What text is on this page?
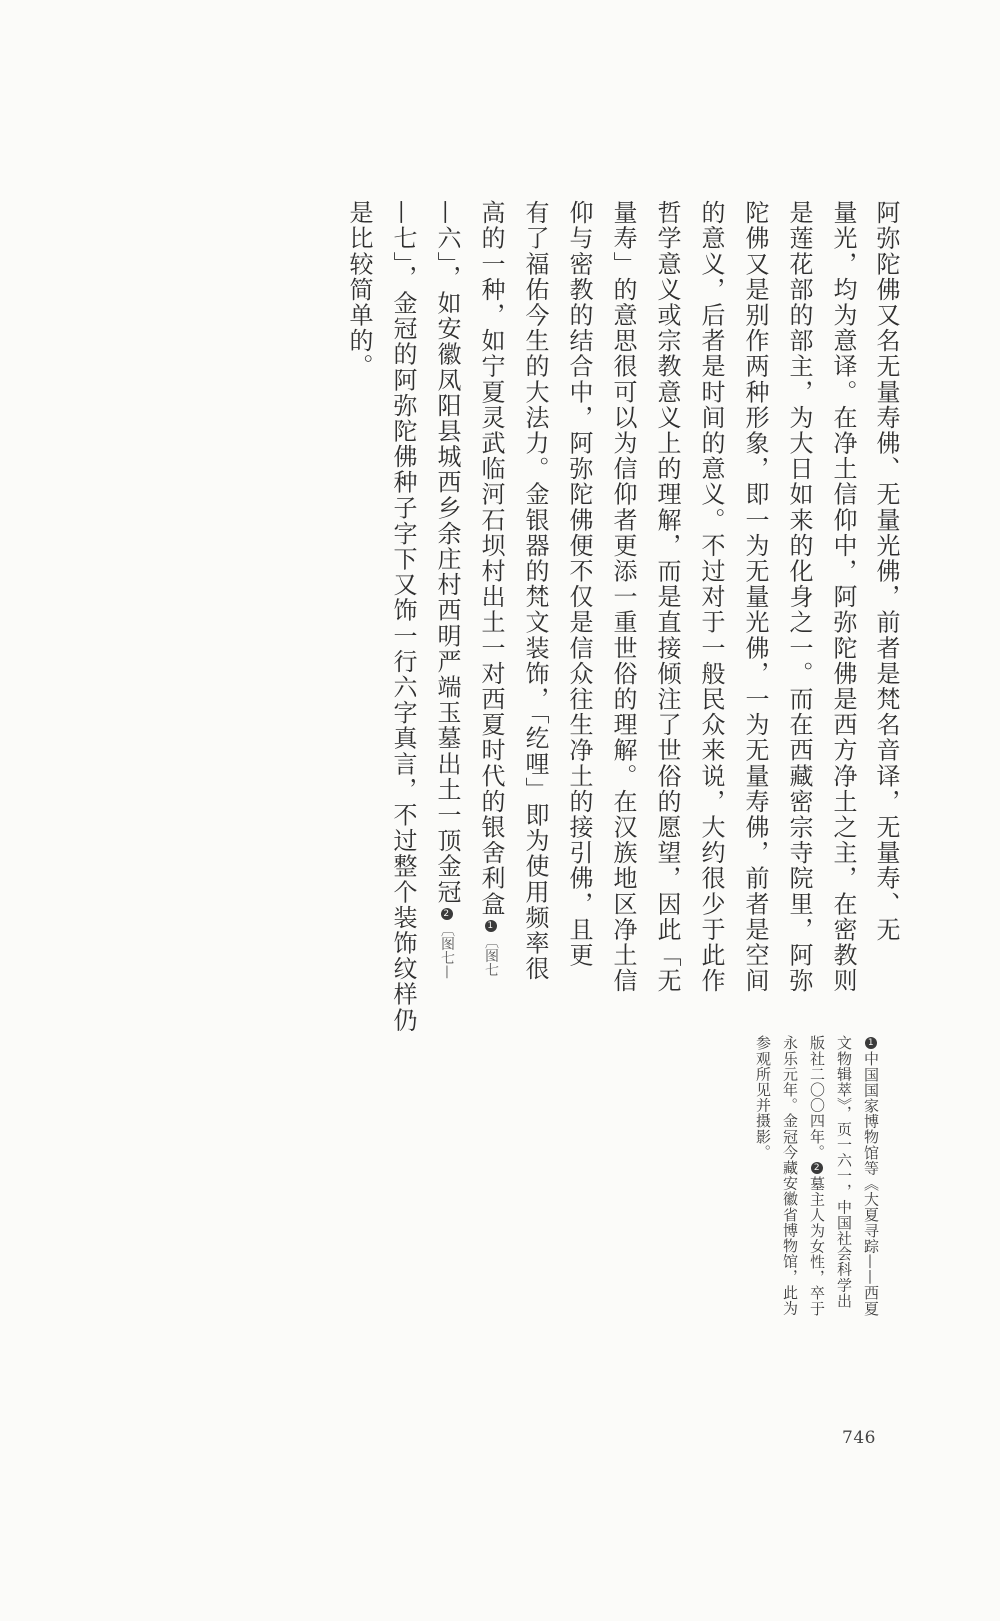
阿弥陀佛又名无量寿佛、无量光佛，前者是梵名音译，无量寿、无
量光，均为意译。在净土信仰中，阿弥陀佛是西方净土之主，在密教则
是莲花部的部主，为大日如来的化身之一。而在西藏密宗寺院里，阿弥
陀佛又是别作两种形象，即一为无量光佛，一为无量寿佛，前者是空间
的意义，后者是时间的意义。不过对于一般民众来说，大约很少于此作
哲学意义或宗教意义上的理解，而是直接倾注了世俗的愿望，因此「无
量寿」的意思很可以为信仰者更添一重世俗的理解。在汉族地区净土信
仰与密教的结合中，阿弥陀佛便不仅是信众往生净土的接引佛，且更
有了福佑今生的大法力。金银器的梵文装饰，「纥哩」即为使用频率很
高的一种，如宁夏灵武临河石坝村出土一对西夏时代的银舍利盒1〔图七
—六」，如安徽凤阳县城西乡余庄村西明严端玉墓出土一顶金冠2〔图七—
—七」，金冠的阿弥陀佛种子字下又饰一行六字真言，不过整个装饰纹样仍
是比较简单的。
1中国国家博物馆等《大夏寻踪——西夏
文物辑萃》，页一六一，中国社会科学出
版社二〇〇四年。2墓主人为女性，卒于
永乐元年。金冠今藏安徽省博物馆，此为
参观所见并摄影。
746
